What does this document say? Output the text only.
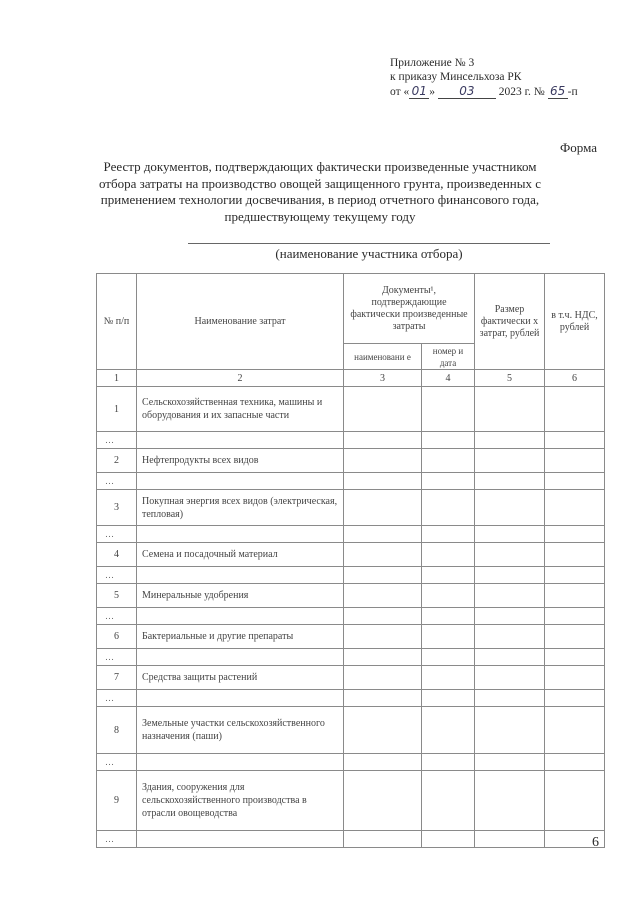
Приложение № 3
к приказу Минсельхоза РК
от « 01 » 03 2023 г. № 65 -п
Форма
Реестр документов, подтверждающих фактически произведенные участником отбора затраты на производство овощей защищенного грунта, произведенных с применением технологии досвечивания, в период отчетного финансового года, предшествующему текущему году
(наименование участника отбора)
№ п/п	Наименование затрат	Документы¹, подтверждающие фактически произведенные затраты		Размер фактически х затрат, рублей	в т.ч. НДС, рублей
		наименовани е	номер и дата		
1	2	3	4	5	6
1	Сельскохозяйственная техника, машины и оборудования и их запасные части				
…					
2	Нефтепродукты всех видов				
…					
3	Покупная энергия всех видов (электрическая, тепловая)				
…					
4	Семена и посадочный материал				
…					
5	Минеральные удобрения				
…					
6	Бактериальные и другие препараты				
…					
7	Средства защиты растений				
…					
8	Земельные участки сельскохозяйственного назначения (паши)				
…					
9	Здания, сооружения для сельскохозяйственного производства в отрасли овощеводства				
…						6
